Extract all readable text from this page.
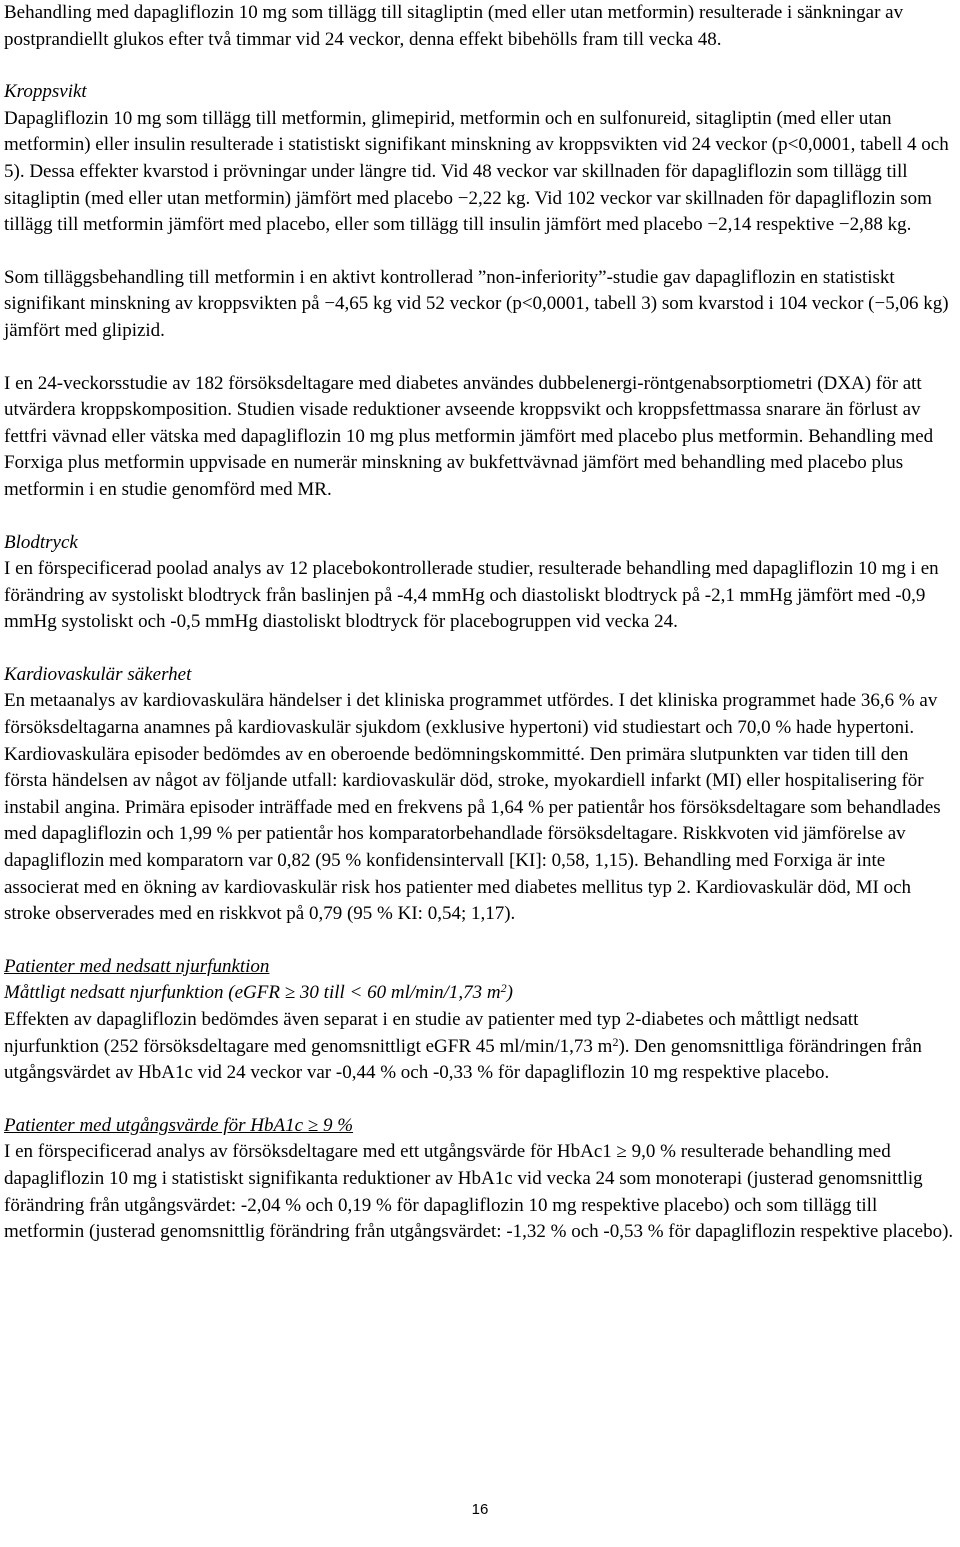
Behandling med dapagliflozin 10 mg som tillägg till sitagliptin (med eller utan metformin) resulterade i sänkningar av postprandiellt glukos efter två timmar vid 24 veckor, denna effekt bibehölls fram till vecka 48.

Kroppsvikt

Dapagliflozin 10 mg som tillägg till metformin, glimepirid, metformin och en sulfonureid, sitagliptin (med eller utan metformin) eller insulin resulterade i statistiskt signifikant minskning av kroppsvikten vid 24 veckor (p<0,0001, tabell 4 och 5). Dessa effekter kvarstod i prövningar under längre tid. Vid 48 veckor var skillnaden för dapagliflozin som tillägg till sitagliptin (med eller utan metformin) jämfört med placebo −2,22 kg. Vid 102 veckor var skillnaden för dapagliflozin som tillägg till metformin jämfört med placebo, eller som tillägg till insulin jämfört med placebo −2,14 respektive −2,88 kg.

Som tilläggsbehandling till metformin i en aktivt kontrollerad ”non-inferiority”-studie gav dapagliflozin en statistiskt signifikant minskning av kroppsvikten på −4,65 kg vid 52 veckor (p<0,0001, tabell 3) som kvarstod i 104 veckor (−5,06 kg) jämfört med glipizid.

I en 24-veckorsstudie av 182 försöksdeltagare med diabetes användes dubbelenergi-röntgenabsorptiometri (DXA) för att utvärdera kroppskomposition. Studien visade reduktioner avseende kroppsvikt och kroppsfettmassa snarare än förlust av fettfri vävnad eller vätska med dapagliflozin 10 mg plus metformin jämfört med placebo plus metformin. Behandling med Forxiga plus metformin uppvisade en numerär minskning av bukfettvävnad jämfört med behandling med placebo plus metformin i en studie genomförd med MR.

Blodtryck

I en förspecificerad poolad analys av 12 placebokontrollerade studier, resulterade behandling med dapagliflozin 10 mg i en förändring av systoliskt blodtryck från baslinjen på -4,4 mmHg och diastoliskt blodtryck på -2,1 mmHg jämfört med -0,9 mmHg systoliskt och -0,5 mmHg diastoliskt blodtryck för placebogruppen vid vecka 24.

Kardiovaskulär säkerhet

En metaanalys av kardiovaskulära händelser i det kliniska programmet utfördes. I det kliniska programmet hade 36,6 % av försöksdeltagarna anamnes på kardiovaskulär sjukdom (exklusive hypertoni) vid studiestart och 70,0 % hade hypertoni. Kardiovaskulära episoder bedömdes av en oberoende bedömningskommitté. Den primära slutpunkten var tiden till den första händelsen av något av följande utfall: kardiovaskulär död, stroke, myokardiell infarkt (MI) eller hospitalisering för instabil angina. Primära episoder inträffade med en frekvens på 1,64 % per patientår hos försöksdeltagare som behandlades med dapagliflozin och 1,99 % per patientår hos komparatorbehandlade försöksdeltagare. Riskkvoten vid jämförelse av dapagliflozin med komparatorn var 0,82 (95 % konfidensintervall [KI]: 0,58, 1,15). Behandling med Forxiga är inte associerat med en ökning av kardiovaskulär risk hos patienter med diabetes mellitus typ 2. Kardiovaskulär död, MI och stroke observerades med en riskkvot på 0,79 (95 % KI: 0,54; 1,17).

Patienter med nedsatt njurfunktion

Måttligt nedsatt njurfunktion (eGFR ≥ 30 till < 60 ml/min/1,73 $m^2$)

Effekten av dapagliflozin bedömdes även separat i en studie av patienter med typ 2-diabetes och måttligt nedsatt njurfunktion (252 försöksdeltagare med genomsnittligt eGFR 45 ml/min/1,73 $m^2$). Den genomsnittliga förändringen från utgångsvärdet av HbA1c vid 24 veckor var -0,44 % och -0,33 % för dapagliflozin 10 mg respektive placebo.

Patienter med utgångsvärde för HbA1c ≥ 9 %

I en förspecificerad analys av försöksdeltagare med ett utgångsvärde för HbAc1 ≥ 9,0 % resulterade behandling med dapagliflozin 10 mg i statistiskt signifikanta reduktioner av HbA1c vid vecka 24 som monoterapi (justerad genomsnittlig förändring från utgångsvärdet: -2,04 % och 0,19 % för dapagliflozin 10 mg respektive placebo) och som tillägg till metformin (justerad genomsnittlig förändring från utgångsvärdet: -1,32 % och -0,53 % för dapagliflozin respektive placebo).

16
